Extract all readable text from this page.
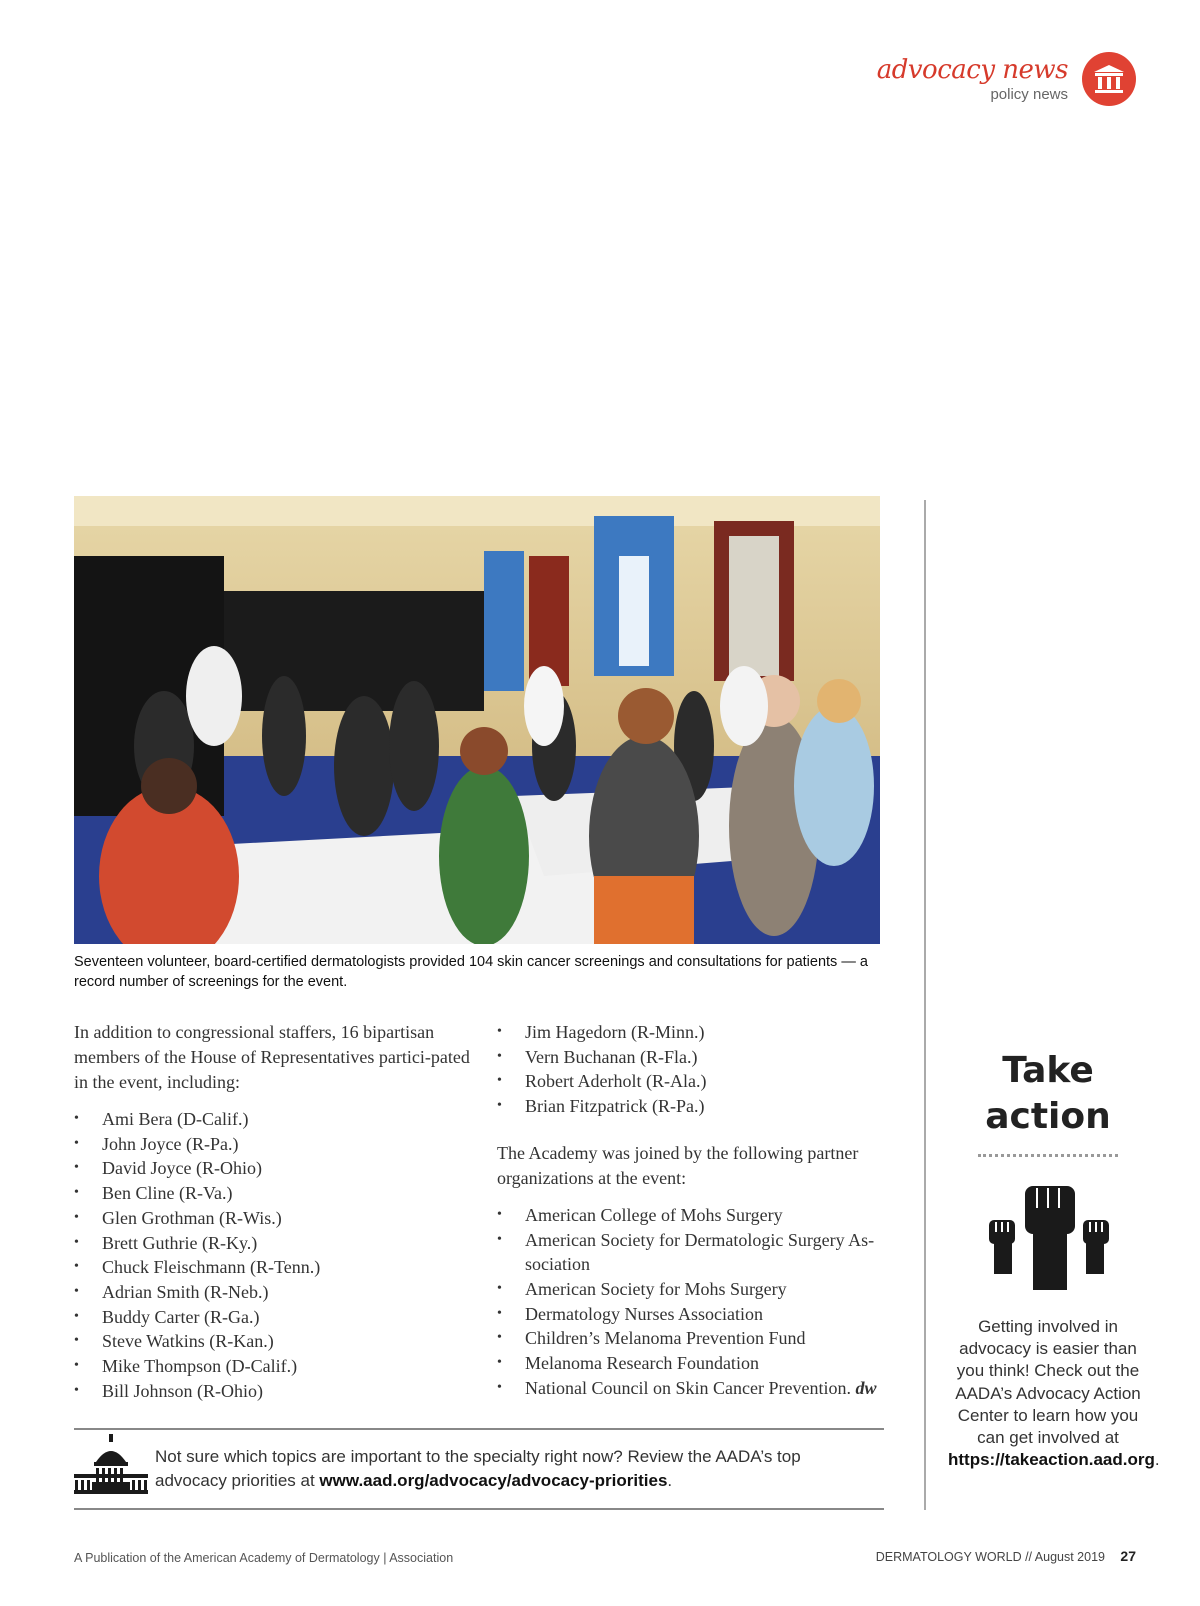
advocacy news
policy news
Seventeen volunteer, board-certified dermatologists provided 104 skin cancer screenings and consultations for patients — a record number of screenings for the event.

In addition to congressional staffers, 16 bipartisan members of the House of Representatives partici-pated in the event, including:

• Ami Bera (D-Calif.)
• John Joyce (R-Pa.)
• David Joyce (R-Ohio)
• Ben Cline (R-Va.)
• Glen Grothman (R-Wis.)
• Brett Guthrie (R-Ky.)
• Chuck Fleischmann (R-Tenn.)
• Adrian Smith (R-Neb.)
• Buddy Carter (R-Ga.)
• Steve Watkins (R-Kan.)
• Mike Thompson (D-Calif.)
• Bill Johnson (R-Ohio)
• Jim Hagedorn (R-Minn.)
• Vern Buchanan (R-Fla.)
• Robert Aderholt (R-Ala.)
• Brian Fitzpatrick (R-Pa.)

The Academy was joined by the following partner organizations at the event:

• American College of Mohs Surgery
• American Society for Dermatologic Surgery As-sociation
• American Society for Mohs Surgery
• Dermatology Nurses Association
• Children’s Melanoma Prevention Fund
• Melanoma Research Foundation
• National Council on Skin Cancer Prevention. dw

Not sure which topics are important to the specialty right now? Review the AADA’s top advocacy priorities at www.aad.org/advocacy/advocacy-priorities.

Take
action

Getting involved in advocacy is easier than you think! Check out the AADA’s Advocacy Action Center to learn how you can get involved at https://takeaction.aad.org.

A Publication of the American Academy of Dermatology | Association	DERMATOLOGY WORLD // August 2019 27
